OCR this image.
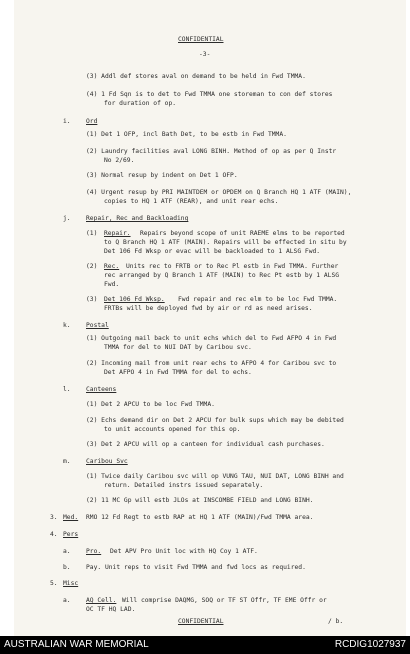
CONFIDENTIAL
-3-
(3) Addl def stores aval on demand to be held in Fwd TMMA.
(4) 1 Fd Sqn is to det to Fwd TMMA one storeman to con def stores
for duration of op.
i. Ord
(1) Det 1 OFP, incl Bath Det, to be estb in Fwd TMMA.
(2) Laundry facilities aval LONG BINH. Method of op as per Q Instr
No 2/69.
(3) Normal resup by indent on Det 1 OFP.
(4) Urgent resup by PRI MAINTDEM or OPDEM on Q Branch HQ 1 ATF (MAIN),
copies to HQ 1 ATF (REAR), and unit rear echs.
j. Repair, Rec and Backloading
(1) Repair. Repairs beyond scope of unit RAEME elms to be reported
to Q Branch HQ 1 ATF (MAIN). Repairs will be effected in situ by
Det 106 Fd Wksp or evac will be backloaded to 1 ALSG Fwd.
(2) Rec. Units rec to FRTB or to Rec Pl estb in Fwd TMMA. Further
rec arranged by Q Branch 1 ATF (MAIN) to Rec Pt estb by 1 ALSG
Fwd.
(3) Det 106 Fd Wksp. Fwd repair and rec elm to be loc Fwd TMMA.
FRTBs will be deployed fwd by air or rd as need arises.
k. Postal
(1) Outgoing mail back to unit echs which del to Fwd AFPO 4 in Fwd
TMMA for del to NUI DAT by Caribou svc.
(2) Incoming mail from unit rear echs to AFPO 4 for Caribou svc to
Det AFPO 4 in Fwd TMMA for del to echs.
l. Canteens
(1) Det 2 APCU to be loc Fwd TMMA.
(2) Echs demand dir on Det 2 APCU for bulk sups which may be debited
to unit accounts opened for this op.
(3) Det 2 APCU will op a canteen for individual cash purchases.
m. Caribou Svc
(1) Twice daily Caribou svc will op VUNG TAU, NUI DAT, LONG BINH and
return. Detailed instrs issued separately.
(2) 11 MC Gp will estb JLOs at INSCOMBE FIELD and LONG BINH.
3. Med. RMO 12 Fd Regt to estb RAP at HQ 1 ATF (MAIN)/Fwd TMMA area.
4. Pers
a. Pro. Det APV Pro Unit loc with HQ Coy 1 ATF.
b. Pay. Unit reps to visit Fwd TMMA and fwd locs as required.
5. Misc
a. AQ Cell. Will comprise DAQMG, SOQ or TF ST Offr, TF EME Offr or
OC TF HQ LAD.
CONFIDENTIAL	/ b.
AUSTRALIAN WAR MEMORIAL	RCDIG1027937
